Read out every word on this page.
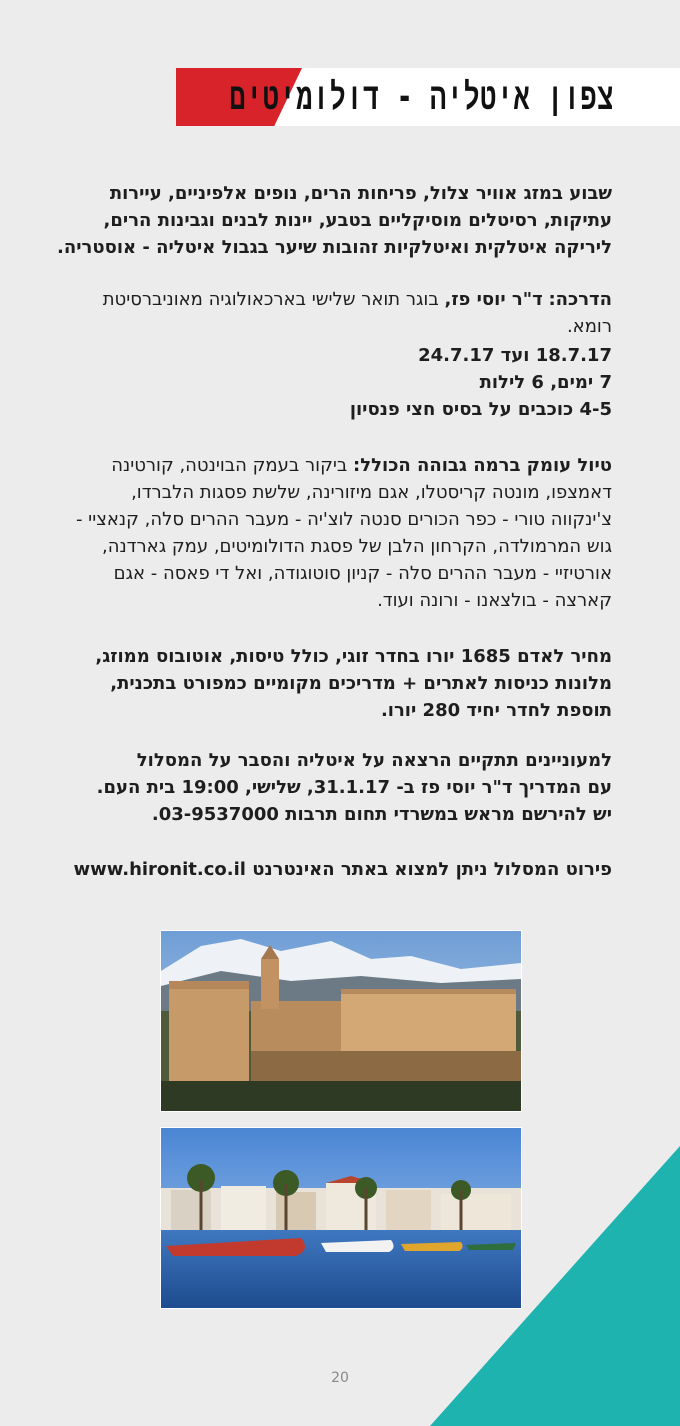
צפון איטליה - דולומיטים
שבוע במזג אוויר צלול, פריחות הרים, נופים אלפיניים, עיירות עתיקות, רסיטלים מוסיקליים בטבע, יינות לבנים וגבינות הרים, ליריקה איטלקית ואיטלקיות זהובות שיער בגבול איטליה - אוסטריה.
הדרכה: ד"ר יוסי פז, בוגר תואר שלישי בארכאולוגיה מאוניברסיטת רומא.
18.7.17 ועד 24.7.17
7 ימים, 6 לילות
4-5 כוכבים על בסיס חצי פנסיון
טיול עומק ברמה גבוהה הכולל: ביקור בעמק הבוינטה, קורטינה דאמצפו, מונטה קריסטלו, אגם מיזורינה, שלשת פסגות הלברדו, צ'ינקווה טורי - כפר הכורים סנטה לוצ'יה - מעבר ההרים סלה, קנאציי - גוש המרמולדה, הקרחון הלבן של פסגת הדולומיטים, עמק גארדנה, אורטיזיי - מעבר ההרים סלה - קניון סוטוגודה, ואל די פאסה - אגם קארצה - בולצאנו - ורונה ועוד.
מחיר לאדם 1685 יורו בחדר זוגי, כולל טיסות, אוטובוס ממוזג, מלונות כניסות לאתרים + מדריכים מקומיים כמפורט בתכנית, תוספת לחדר יחיד 280 יורו.
למעוניינים תתקיים הרצאה על איטליה והסבר על המסלול
עם המדריך ד"ר יוסי פז ב- 31.1.17, שלישי, 19:00 בית העם.
יש להירשם מראש במשרדי תחום תרבות 03-9537000.
פירוט המסלול ניתן למצוא באתר האינטרנט www.hironit.co.il
20
